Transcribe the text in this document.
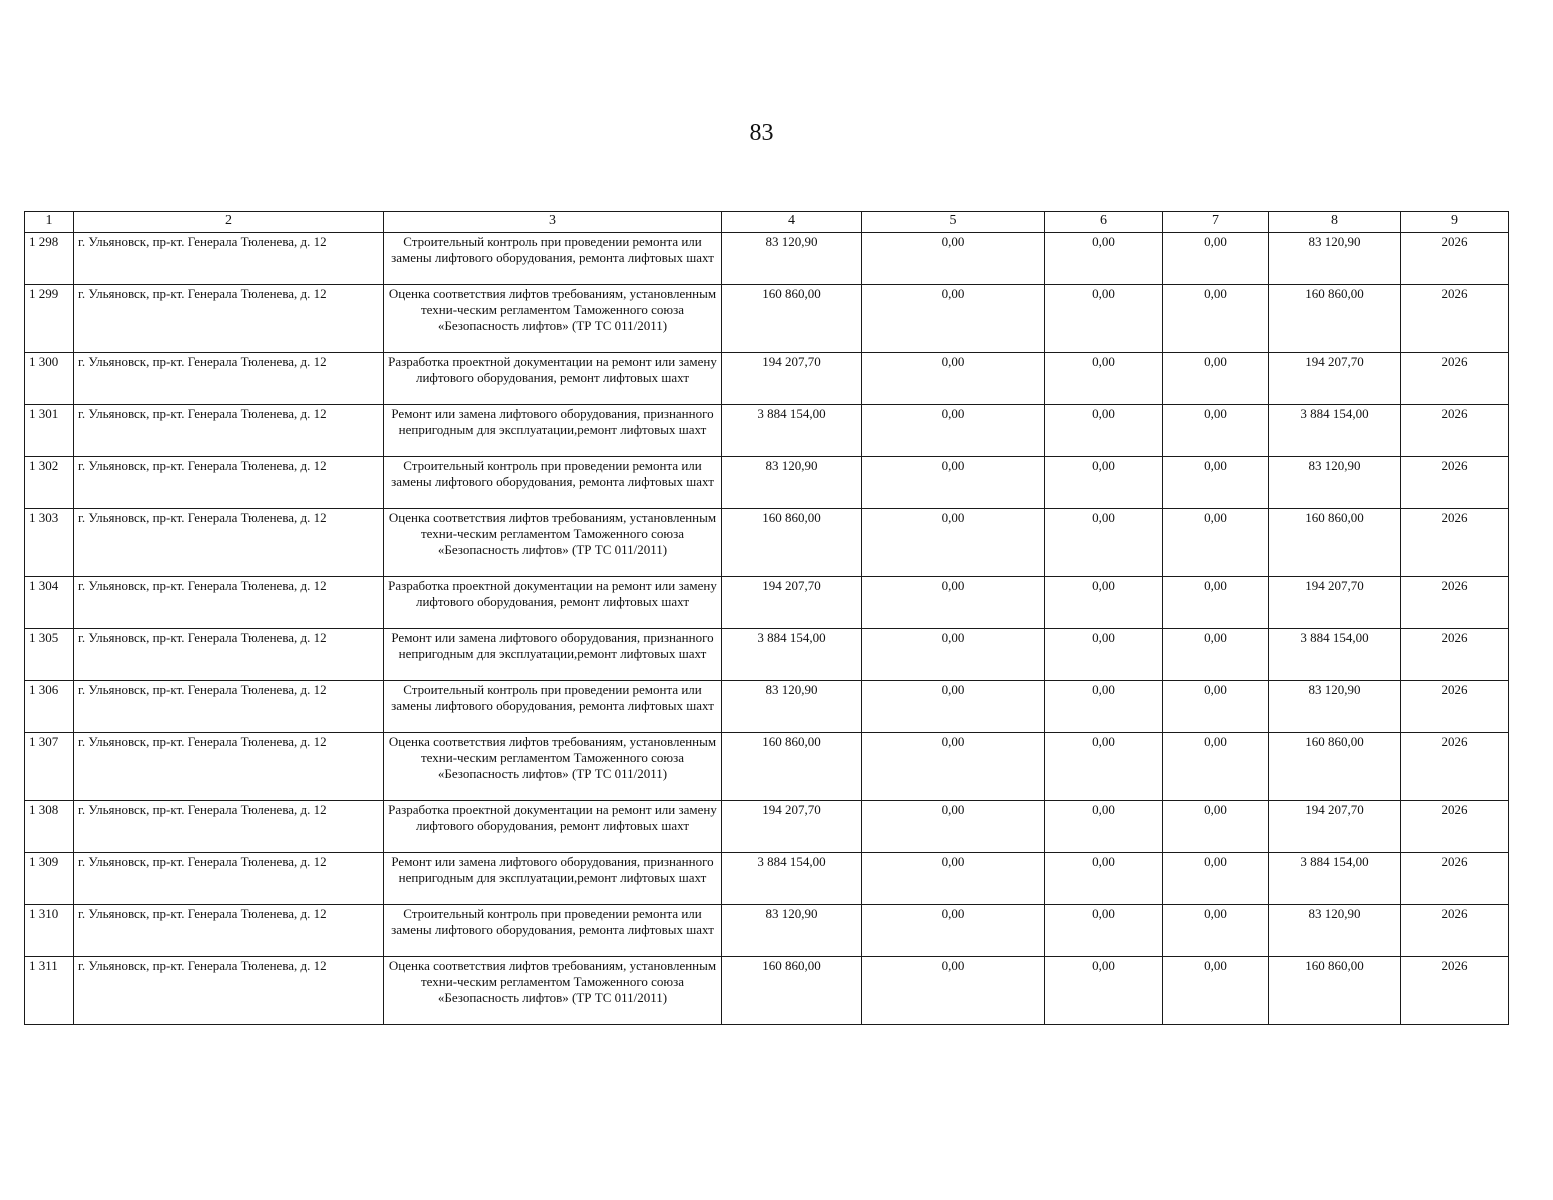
83
1	2	3	4	5	6	7	8	9
1 298	г. Ульяновск, пр-кт. Генерала Тюленева, д. 12	Строительный контроль при проведении ремонта или замены лифтового оборудования, ремонта лифтовых шахт	83 120,90	0,00	0,00	0,00	83 120,90	2026
1 299	г. Ульяновск, пр-кт. Генерала Тюленева, д. 12	Оценка соответствия лифтов требованиям, установленным техни-ческим регламентом Таможенного союза «Безопасность лифтов» (ТР ТС 011/2011)	160 860,00	0,00	0,00	0,00	160 860,00	2026
1 300	г. Ульяновск, пр-кт. Генерала Тюленева, д. 12	Разработка проектной документации на ремонт или замену лифтового оборудования, ремонт лифтовых шахт	194 207,70	0,00	0,00	0,00	194 207,70	2026
1 301	г. Ульяновск, пр-кт. Генерала Тюленева, д. 12	Ремонт или замена лифтового оборудования, признанного непригодным для эксплуатации,ремонт лифтовых шахт	3 884 154,00	0,00	0,00	0,00	3 884 154,00	2026
1 302	г. Ульяновск, пр-кт. Генерала Тюленева, д. 12	Строительный контроль при проведении ремонта или замены лифтового оборудования, ремонта лифтовых шахт	83 120,90	0,00	0,00	0,00	83 120,90	2026
1 303	г. Ульяновск, пр-кт. Генерала Тюленева, д. 12	Оценка соответствия лифтов требованиям, установленным техни-ческим регламентом Таможенного союза «Безопасность лифтов» (ТР ТС 011/2011)	160 860,00	0,00	0,00	0,00	160 860,00	2026
1 304	г. Ульяновск, пр-кт. Генерала Тюленева, д. 12	Разработка проектной документации на ремонт или замену лифтового оборудования, ремонт лифтовых шахт	194 207,70	0,00	0,00	0,00	194 207,70	2026
1 305	г. Ульяновск, пр-кт. Генерала Тюленева, д. 12	Ремонт или замена лифтового оборудования, признанного непригодным для эксплуатации,ремонт лифтовых шахт	3 884 154,00	0,00	0,00	0,00	3 884 154,00	2026
1 306	г. Ульяновск, пр-кт. Генерала Тюленева, д. 12	Строительный контроль при проведении ремонта или замены лифтового оборудования, ремонта лифтовых шахт	83 120,90	0,00	0,00	0,00	83 120,90	2026
1 307	г. Ульяновск, пр-кт. Генерала Тюленева, д. 12	Оценка соответствия лифтов требованиям, установленным техни-ческим регламентом Таможенного союза «Безопасность лифтов» (ТР ТС 011/2011)	160 860,00	0,00	0,00	0,00	160 860,00	2026
1 308	г. Ульяновск, пр-кт. Генерала Тюленева, д. 12	Разработка проектной документации на ремонт или замену лифтового оборудования, ремонт лифтовых шахт	194 207,70	0,00	0,00	0,00	194 207,70	2026
1 309	г. Ульяновск, пр-кт. Генерала Тюленева, д. 12	Ремонт или замена лифтового оборудования, признанного непригодным для эксплуатации,ремонт лифтовых шахт	3 884 154,00	0,00	0,00	0,00	3 884 154,00	2026
1 310	г. Ульяновск, пр-кт. Генерала Тюленева, д. 12	Строительный контроль при проведении ремонта или замены лифтового оборудования, ремонта лифтовых шахт	83 120,90	0,00	0,00	0,00	83 120,90	2026
1 311	г. Ульяновск, пр-кт. Генерала Тюленева, д. 12	Оценка соответствия лифтов требованиям, установленным техни-ческим регламентом Таможенного союза «Безопасность лифтов» (ТР ТС 011/2011)	160 860,00	0,00	0,00	0,00	160 860,00	2026
